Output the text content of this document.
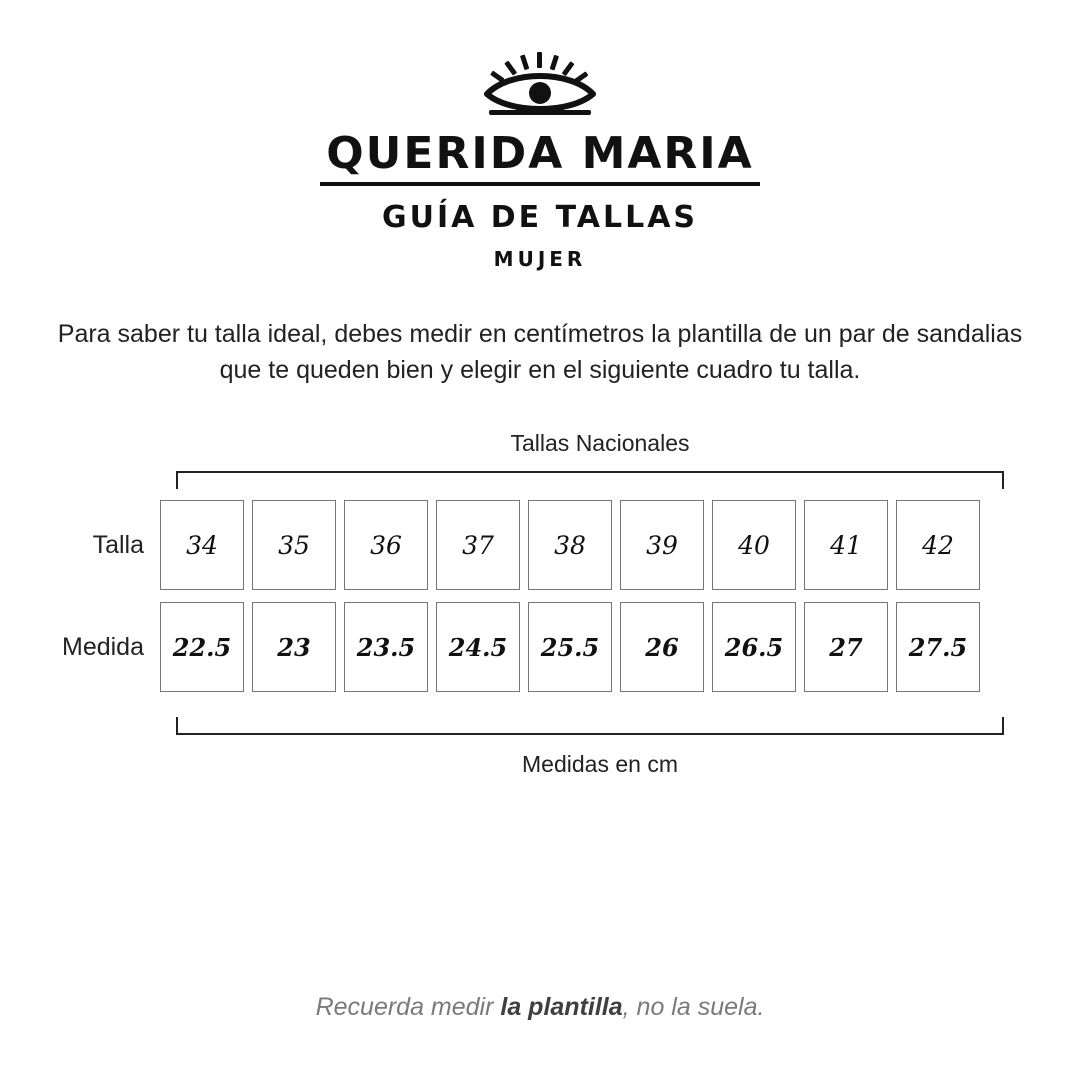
QUERIDA MARIA
GUÍA DE TALLAS
MUJER
Para saber tu talla ideal, debes medir en centímetros la plantilla de un par de sandalias que te queden bien y elegir en el siguiente cuadro tu talla.
Tallas Nacionales
Talla	34	35	36	37	38	39	40	41	42
Medida	22.5	23	23.5	24.5	25.5	26	26.5	27	27.5
Medidas en cm
Recuerda medir la plantilla, no la suela.
